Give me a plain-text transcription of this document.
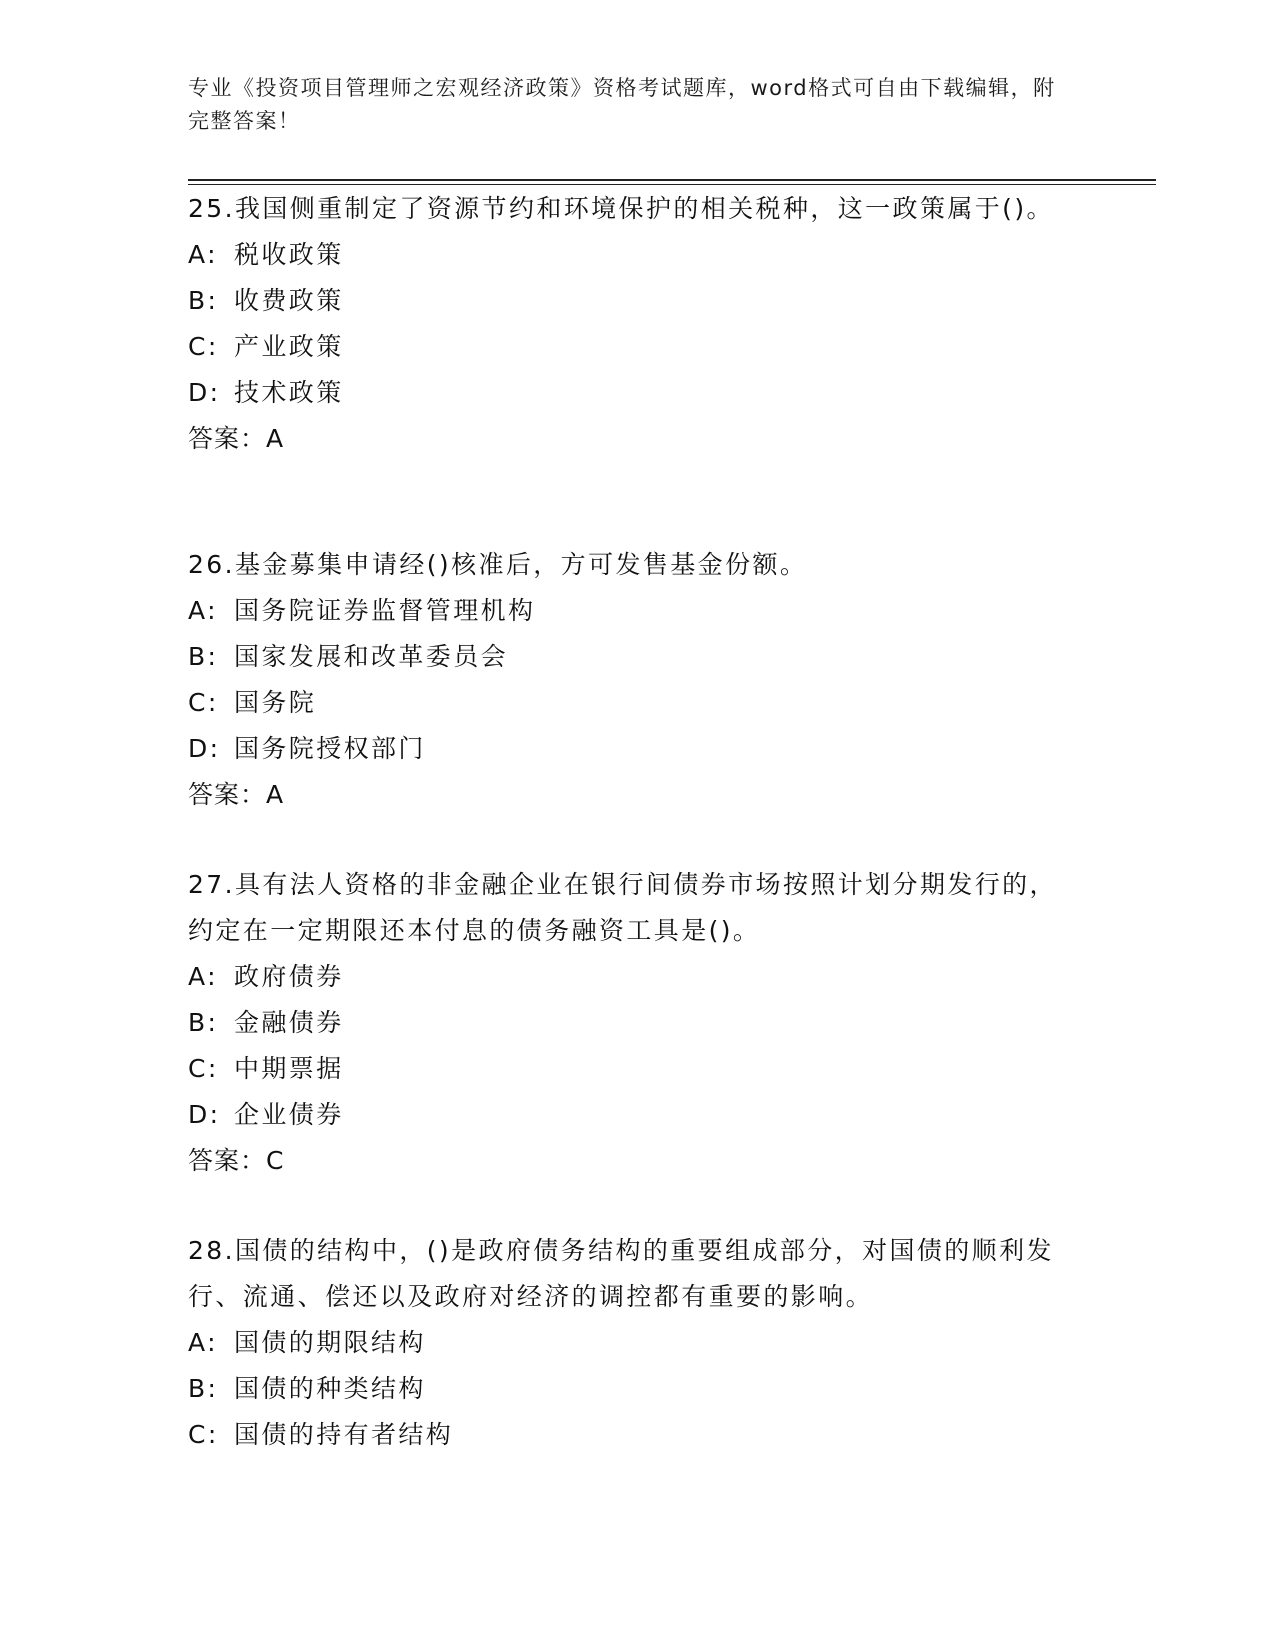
专业《投资项目管理师之宏观经济政策》资格考试题库，word格式可自由下载编辑，附完整答案！
25.我国侧重制定了资源节约和环境保护的相关税种，这一政策属于()。
A: 税收政策
B: 收费政策
C: 产业政策
D: 技术政策
答案：A
26.基金募集申请经()核准后，方可发售基金份额。
A: 国务院证券监督管理机构
B: 国家发展和改革委员会
C: 国务院
D: 国务院授权部门
答案：A
27.具有法人资格的非金融企业在银行间债券市场按照计划分期发行的，约定在一定期限还本付息的债务融资工具是()。
A: 政府债券
B: 金融债券
C: 中期票据
D: 企业债券
答案：C
28.国债的结构中，()是政府债务结构的重要组成部分，对国债的顺利发行、流通、偿还以及政府对经济的调控都有重要的影响。
A: 国债的期限结构
B: 国债的种类结构
C: 国债的持有者结构
